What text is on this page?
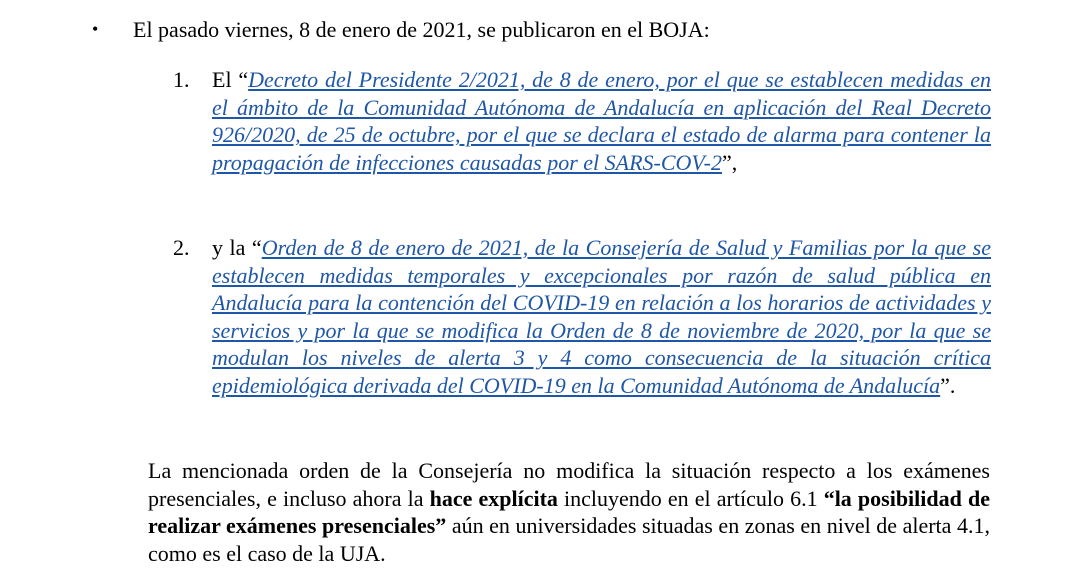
• El pasado viernes, 8 de enero de 2021, se publicaron en el BOJA:
1. El “Decreto del Presidente 2/2021, de 8 de enero, por el que se establecen medidas en el ámbito de la Comunidad Autónoma de Andalucía en aplicación del Real Decreto 926/2020, de 25 de octubre, por el que se declara el estado de alarma para contener la propagación de infecciones causadas por el SARS-COV-2”,
2. y la “Orden de 8 de enero de 2021, de la Consejería de Salud y Familias por la que se establecen medidas temporales y excepcionales por razón de salud pública en Andalucía para la contención del COVID-19 en relación a los horarios de actividades y servicios y por la que se modifica la Orden de 8 de noviembre de 2020, por la que se modulan los niveles de alerta 3 y 4 como consecuencia de la situación crítica epidemiológica derivada del COVID-19 en la Comunidad Autónoma de Andalucía”.
La mencionada orden de la Consejería no modifica la situación respecto a los exámenes presenciales, e incluso ahora la hace explícita incluyendo en el artículo 6.1 “la posibilidad de realizar exámenes presenciales” aún en universidades situadas en zonas en nivel de alerta 4.1, como es el caso de la UJA.
